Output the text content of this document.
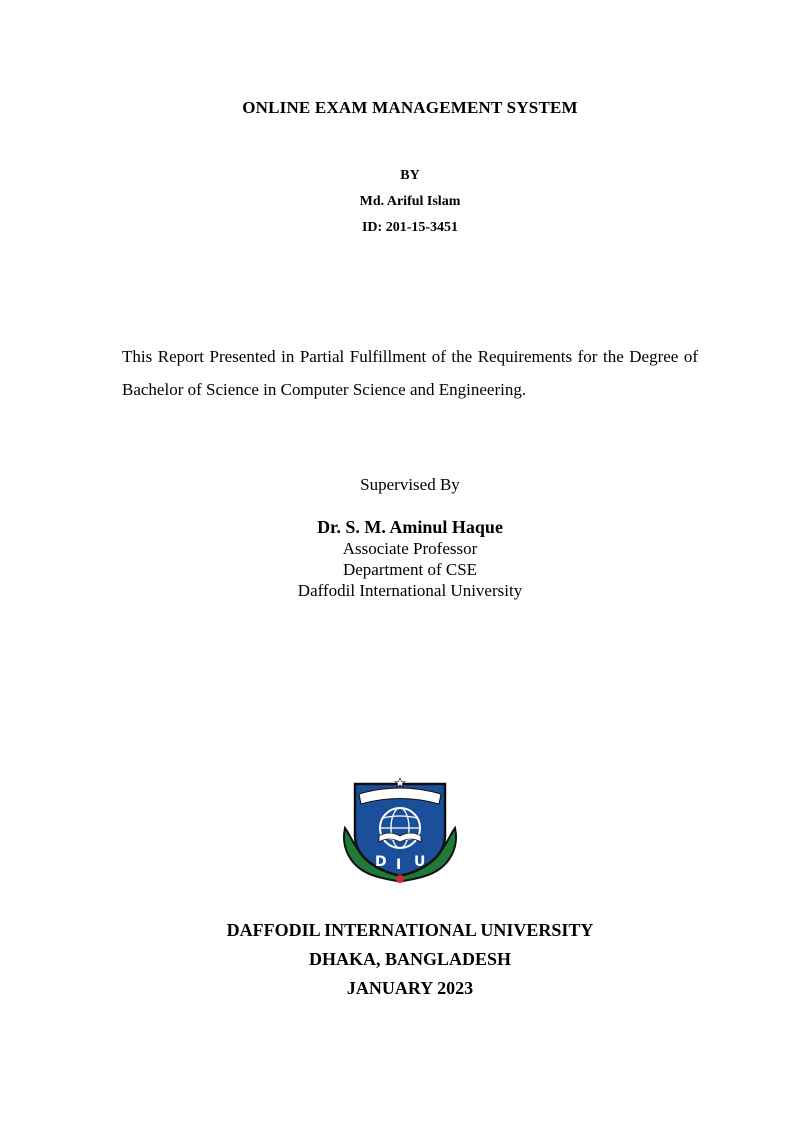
ONLINE EXAM MANAGEMENT SYSTEM
BY
Md. Ariful Islam
ID: 201-15-3451
This Report Presented in Partial Fulfillment of the Requirements for the Degree of Bachelor of Science in Computer Science and Engineering.
Supervised By
Dr. S. M. Aminul Haque
Associate Professor
Department of CSE
Daffodil International University
D I U
DAFFODIL INTERNATIONAL UNIVERSITY
DHAKA, BANGLADESH
JANUARY 2023
